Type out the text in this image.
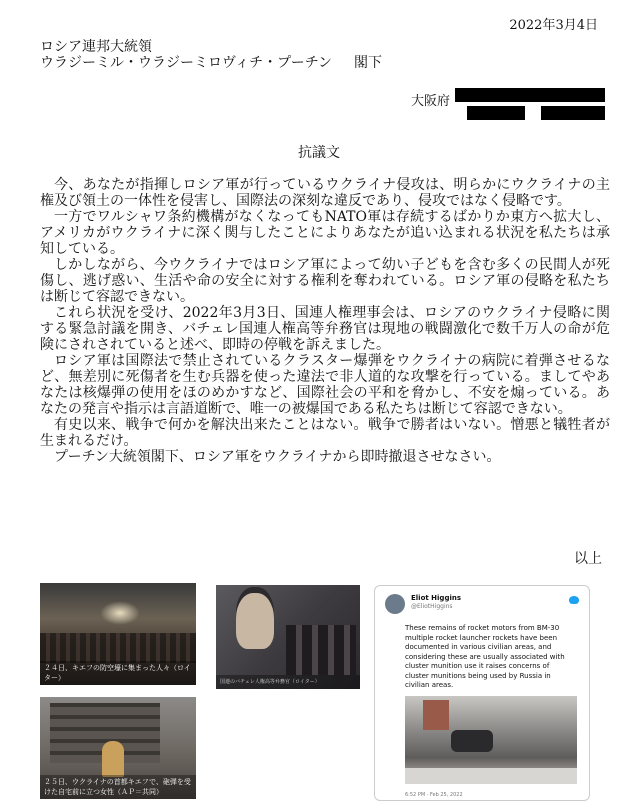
2022年3月4日
ロシア連邦大統領
ウラジーミル・ウラジーミロヴィチ・プーチン 閣下
大阪府
抗議文

今、あなたが指揮しロシア軍が行っているウクライナ侵攻は、明らかにウクライナの主権及び領土の一体性を侵害し、国際法の深刻な違反であり、侵攻ではなく侵略です。

一方でワルシャワ条約機構がなくなってもNATO軍は存続するばかりか東方へ拡大し、アメリカがウクライナに深く関与したことによりあなたが追い込まれる状況を私たちは承知している。

しかしながら、今ウクライナではロシア軍によって幼い子どもを含む多くの民間人が死傷し、逃げ惑い、生活や命の安全に対する権利を奪われている。ロシア軍の侵略を私たちは断じて容認できない。

これら状況を受け、2022年3月3日、国連人権理事会は、ロシアのウクライナ侵略に関する緊急討議を開き、バチェレ国連人権高等弁務官は現地の戦闘激化で数千万人の命が危険にされされていると述べ、即時の停戦を訴えました。

ロシア軍は国際法で禁止されているクラスター爆弾をウクライナの病院に着弾させるなど、無差別に死傷者を生む兵器を使った違法で非人道的な攻撃を行っている。ましてやあなたは核爆弾の使用をほのめかすなど、国際社会の平和を脅かし、不安を煽っている。あなたの発言や指示は言語道断で、唯一の被爆国である私たちは断じて容認できない。

有史以来、戦争で何かを解決出来たことはない。戦争で勝者はいない。憎悪と犠牲者が生まれるだけ。

プーチン大統領閣下、ロシア軍をウクライナから即時撤退させなさい。

以上
２４日、キエフの防空壕に集まった人々（ロイター）
２５日、ウクライナの首都キエフで、砲弾を受けた自宅前に立つ女性（ＡＰ＝共同）
国連のバチェレ人権高等弁務官（ロイター）
Eliot Higgins
@EliotHiggins
These remains of rocket motors from BM-30 multiple rocket launcher rockets have been documented in various civilian areas, and considering these are usually associated with cluster munition use it raises concerns of cluster munitions being used by Russia in civilian areas.
6:52 PM · Feb 25, 2022
